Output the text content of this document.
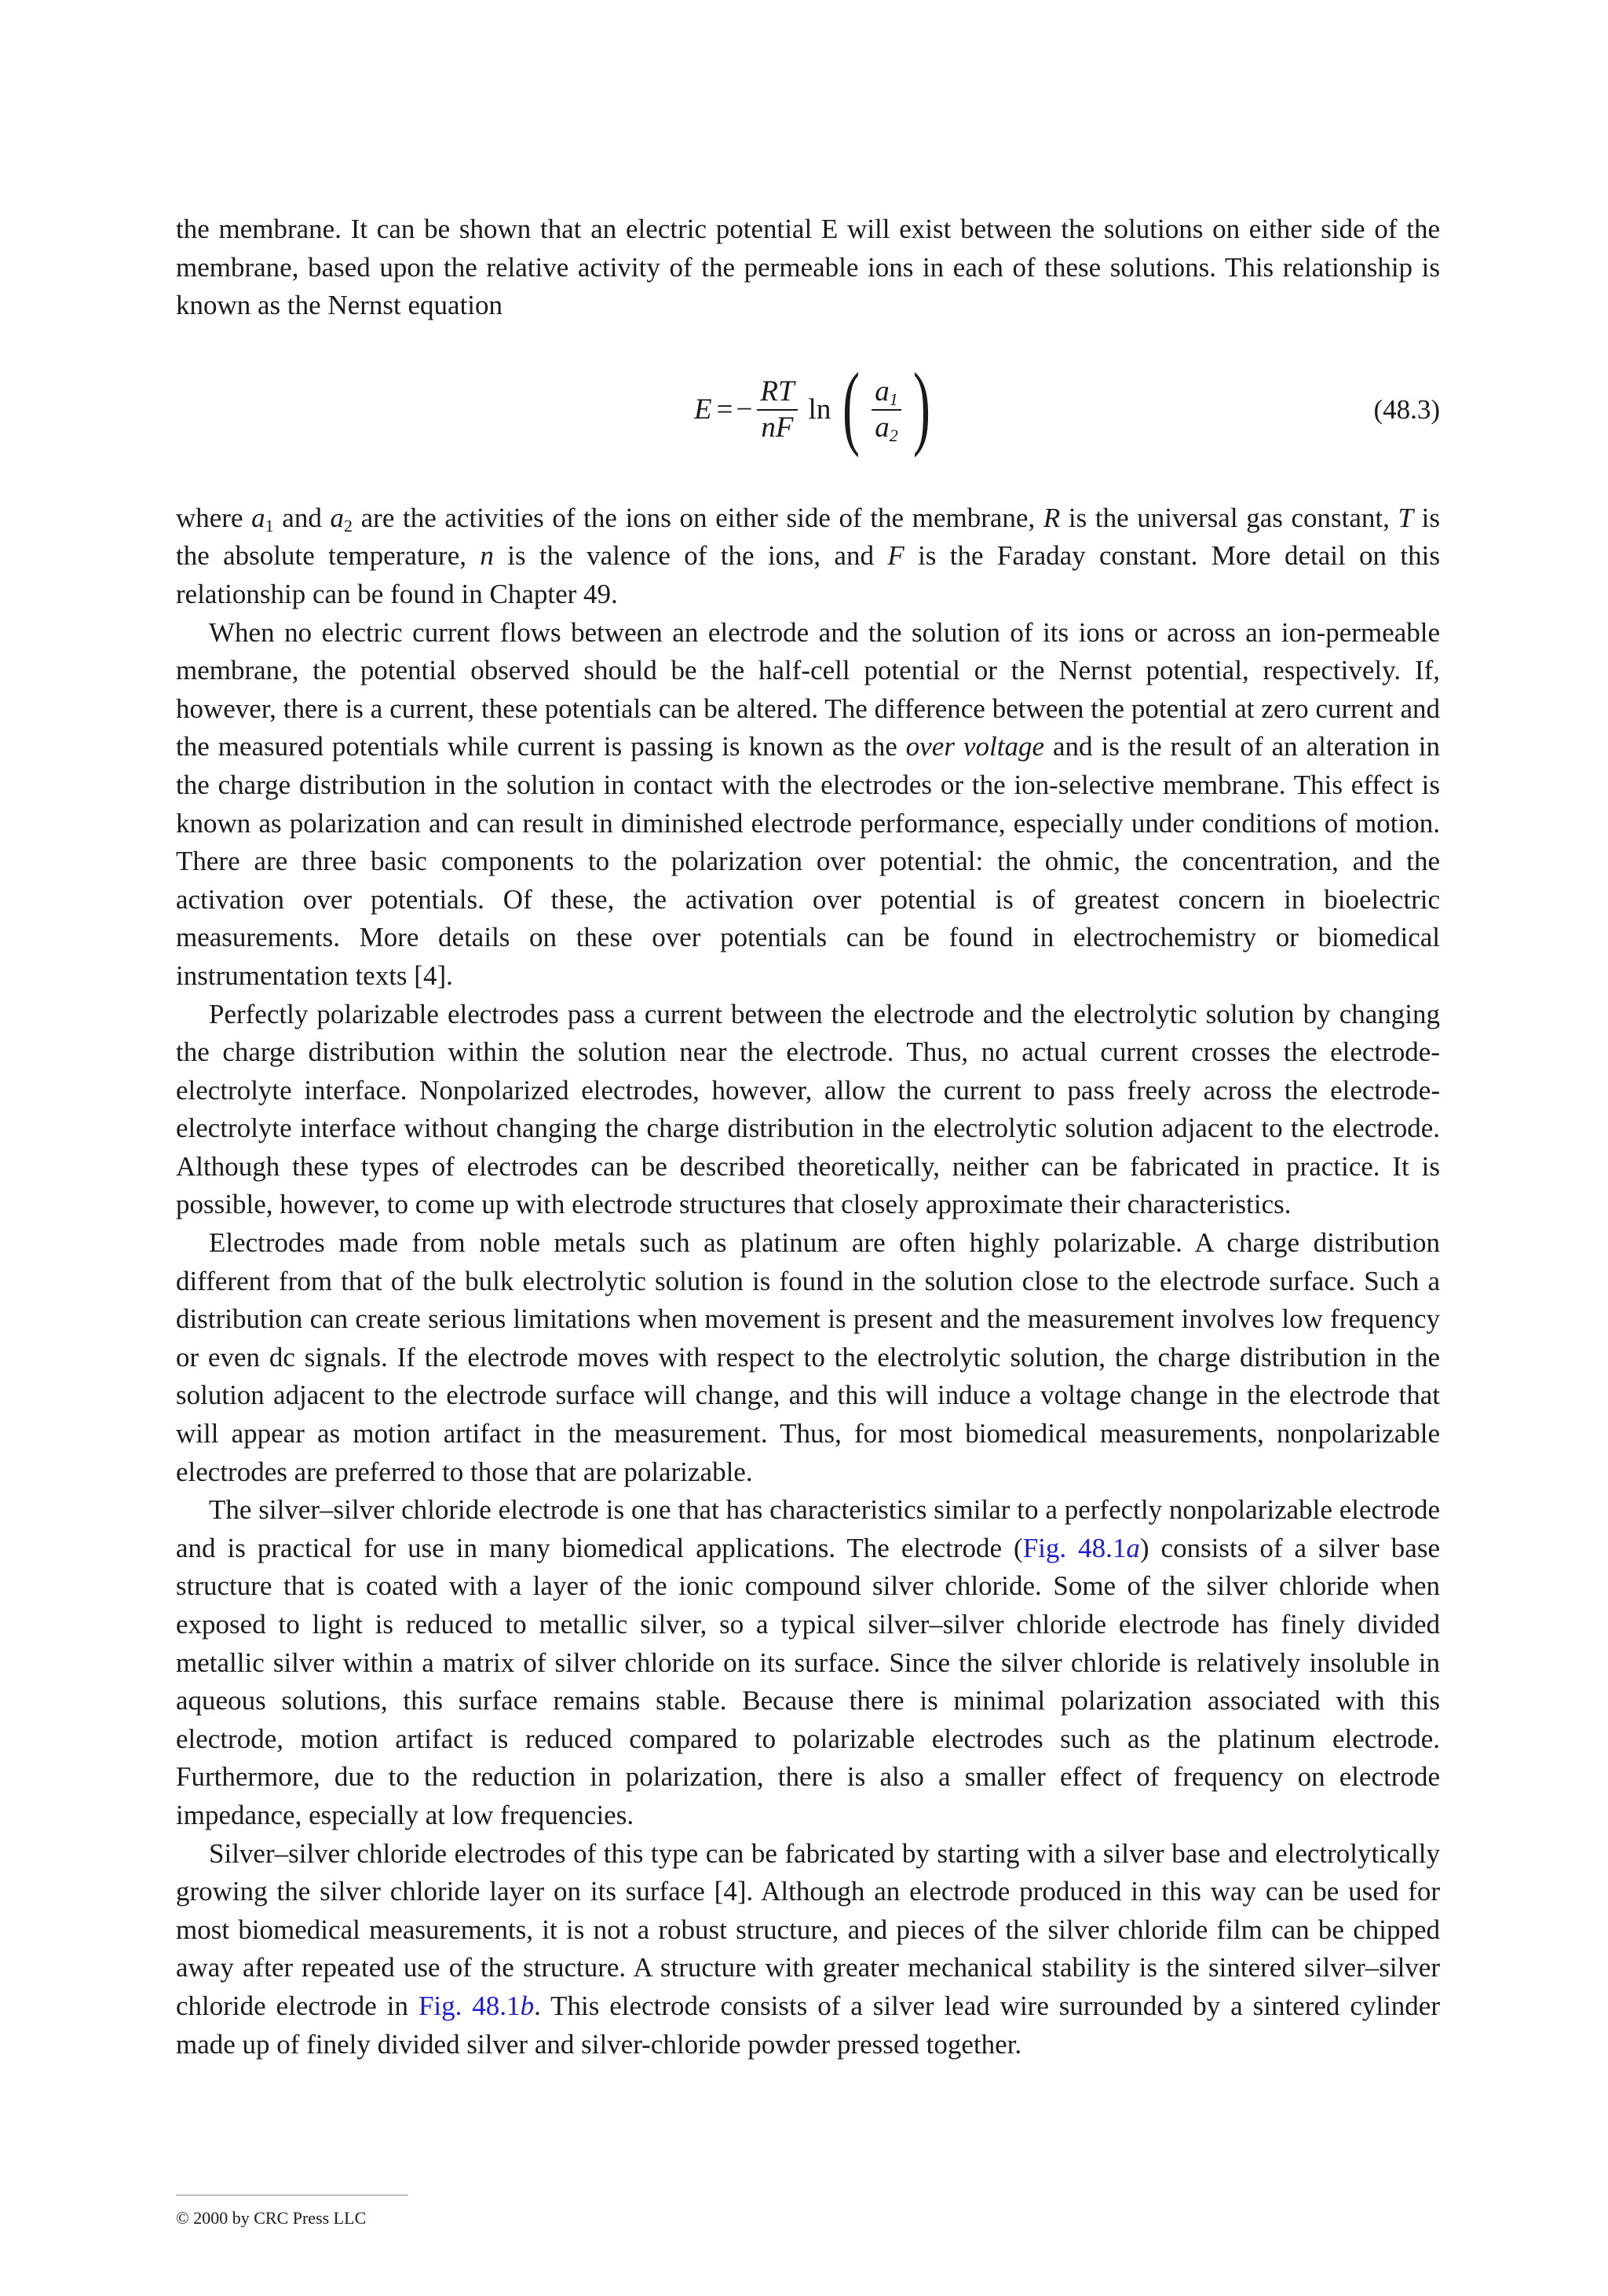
the membrane. It can be shown that an electric potential E will exist between the solutions on either side of the membrane, based upon the relative activity of the permeable ions in each of these solutions. This relationship is known as the Nernst equation

E = − $\frac{RT}{nF}$ ln ( $\frac{a_1}{a_2}$ )	(48.3)

where $a_1$ and $a_2$ are the activities of the ions on either side of the membrane, R is the universal gas constant, T is the absolute temperature, n is the valence of the ions, and F is the Faraday constant. More detail on this relationship can be found in Chapter 49.

When no electric current flows between an electrode and the solution of its ions or across an ion-permeable membrane, the potential observed should be the half-cell potential or the Nernst potential, respectively. If, however, there is a current, these potentials can be altered. The difference between the potential at zero current and the measured potentials while current is passing is known as the over voltage and is the result of an alteration in the charge distribution in the solution in contact with the electrodes or the ion-selective membrane. This effect is known as polarization and can result in diminished electrode performance, especially under conditions of motion. There are three basic components to the polarization over potential: the ohmic, the concentration, and the activation over potentials. Of these, the activation over potential is of greatest concern in bioelectric measurements. More details on these over potentials can be found in electrochemistry or biomedical instrumentation texts [4].

Perfectly polarizable electrodes pass a current between the electrode and the electrolytic solution by changing the charge distribution within the solution near the electrode. Thus, no actual current crosses the electrode-electrolyte interface. Nonpolarized electrodes, however, allow the current to pass freely across the electrode-electrolyte interface without changing the charge distribution in the electrolytic solution adjacent to the electrode. Although these types of electrodes can be described theoretically, neither can be fabricated in practice. It is possible, however, to come up with electrode structures that closely approximate their characteristics.

Electrodes made from noble metals such as platinum are often highly polarizable. A charge distribution different from that of the bulk electrolytic solution is found in the solution close to the electrode surface. Such a distribution can create serious limitations when movement is present and the measurement involves low frequency or even dc signals. If the electrode moves with respect to the electrolytic solution, the charge distribution in the solution adjacent to the electrode surface will change, and this will induce a voltage change in the electrode that will appear as motion artifact in the measurement. Thus, for most biomedical measurements, nonpolarizable electrodes are preferred to those that are polarizable.

The silver–silver chloride electrode is one that has characteristics similar to a perfectly nonpolarizable electrode and is practical for use in many biomedical applications. The electrode (Fig. 48.1a) consists of a silver base structure that is coated with a layer of the ionic compound silver chloride. Some of the silver chloride when exposed to light is reduced to metallic silver, so a typical silver–silver chloride electrode has finely divided metallic silver within a matrix of silver chloride on its surface. Since the silver chloride is relatively insoluble in aqueous solutions, this surface remains stable. Because there is minimal polarization associated with this electrode, motion artifact is reduced compared to polarizable electrodes such as the platinum electrode. Furthermore, due to the reduction in polarization, there is also a smaller effect of frequency on electrode impedance, especially at low frequencies.

Silver–silver chloride electrodes of this type can be fabricated by starting with a silver base and electrolytically growing the silver chloride layer on its surface [4]. Although an electrode produced in this way can be used for most biomedical measurements, it is not a robust structure, and pieces of the silver chloride film can be chipped away after repeated use of the structure. A structure with greater mechanical stability is the sintered silver–silver chloride electrode in Fig. 48.1b. This electrode consists of a silver lead wire surrounded by a sintered cylinder made up of finely divided silver and silver-chloride powder pressed together.

© 2000 by CRC Press LLC
